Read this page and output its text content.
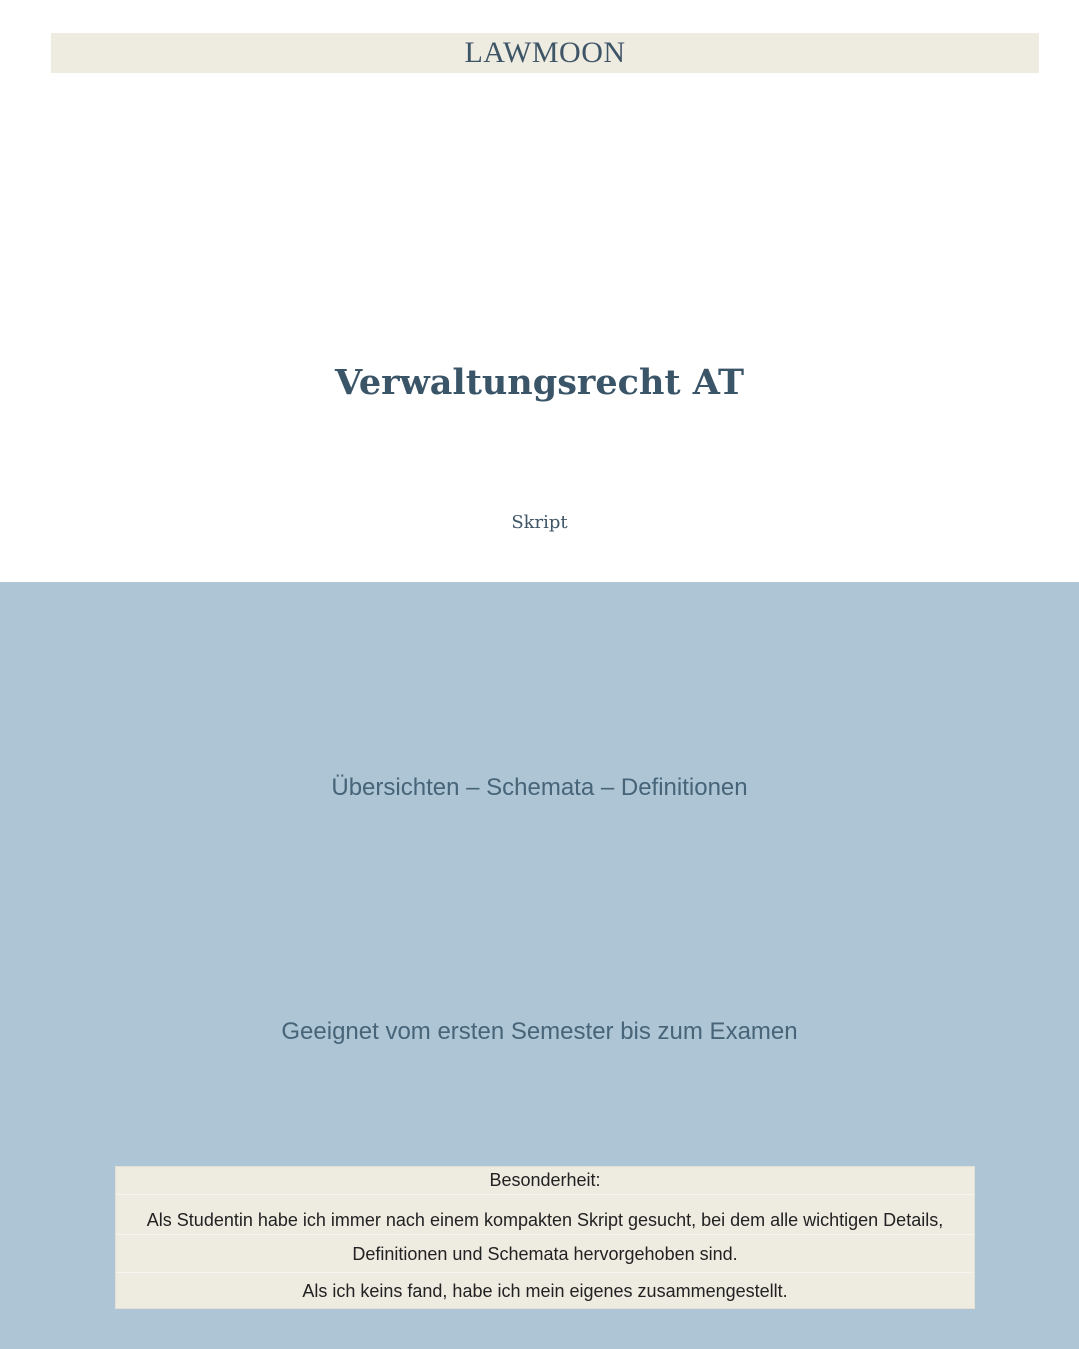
LAWMOON
Verwaltungsrecht AT
Skript
Übersichten – Schemata – Definitionen
Geeignet vom ersten Semester bis zum Examen
Besonderheit:
Als Studentin habe ich immer nach einem kompakten Skript gesucht, bei dem alle wichtigen Details,
Definitionen und Schemata hervorgehoben sind.
Als ich keins fand, habe ich mein eigenes zusammengestellt.
